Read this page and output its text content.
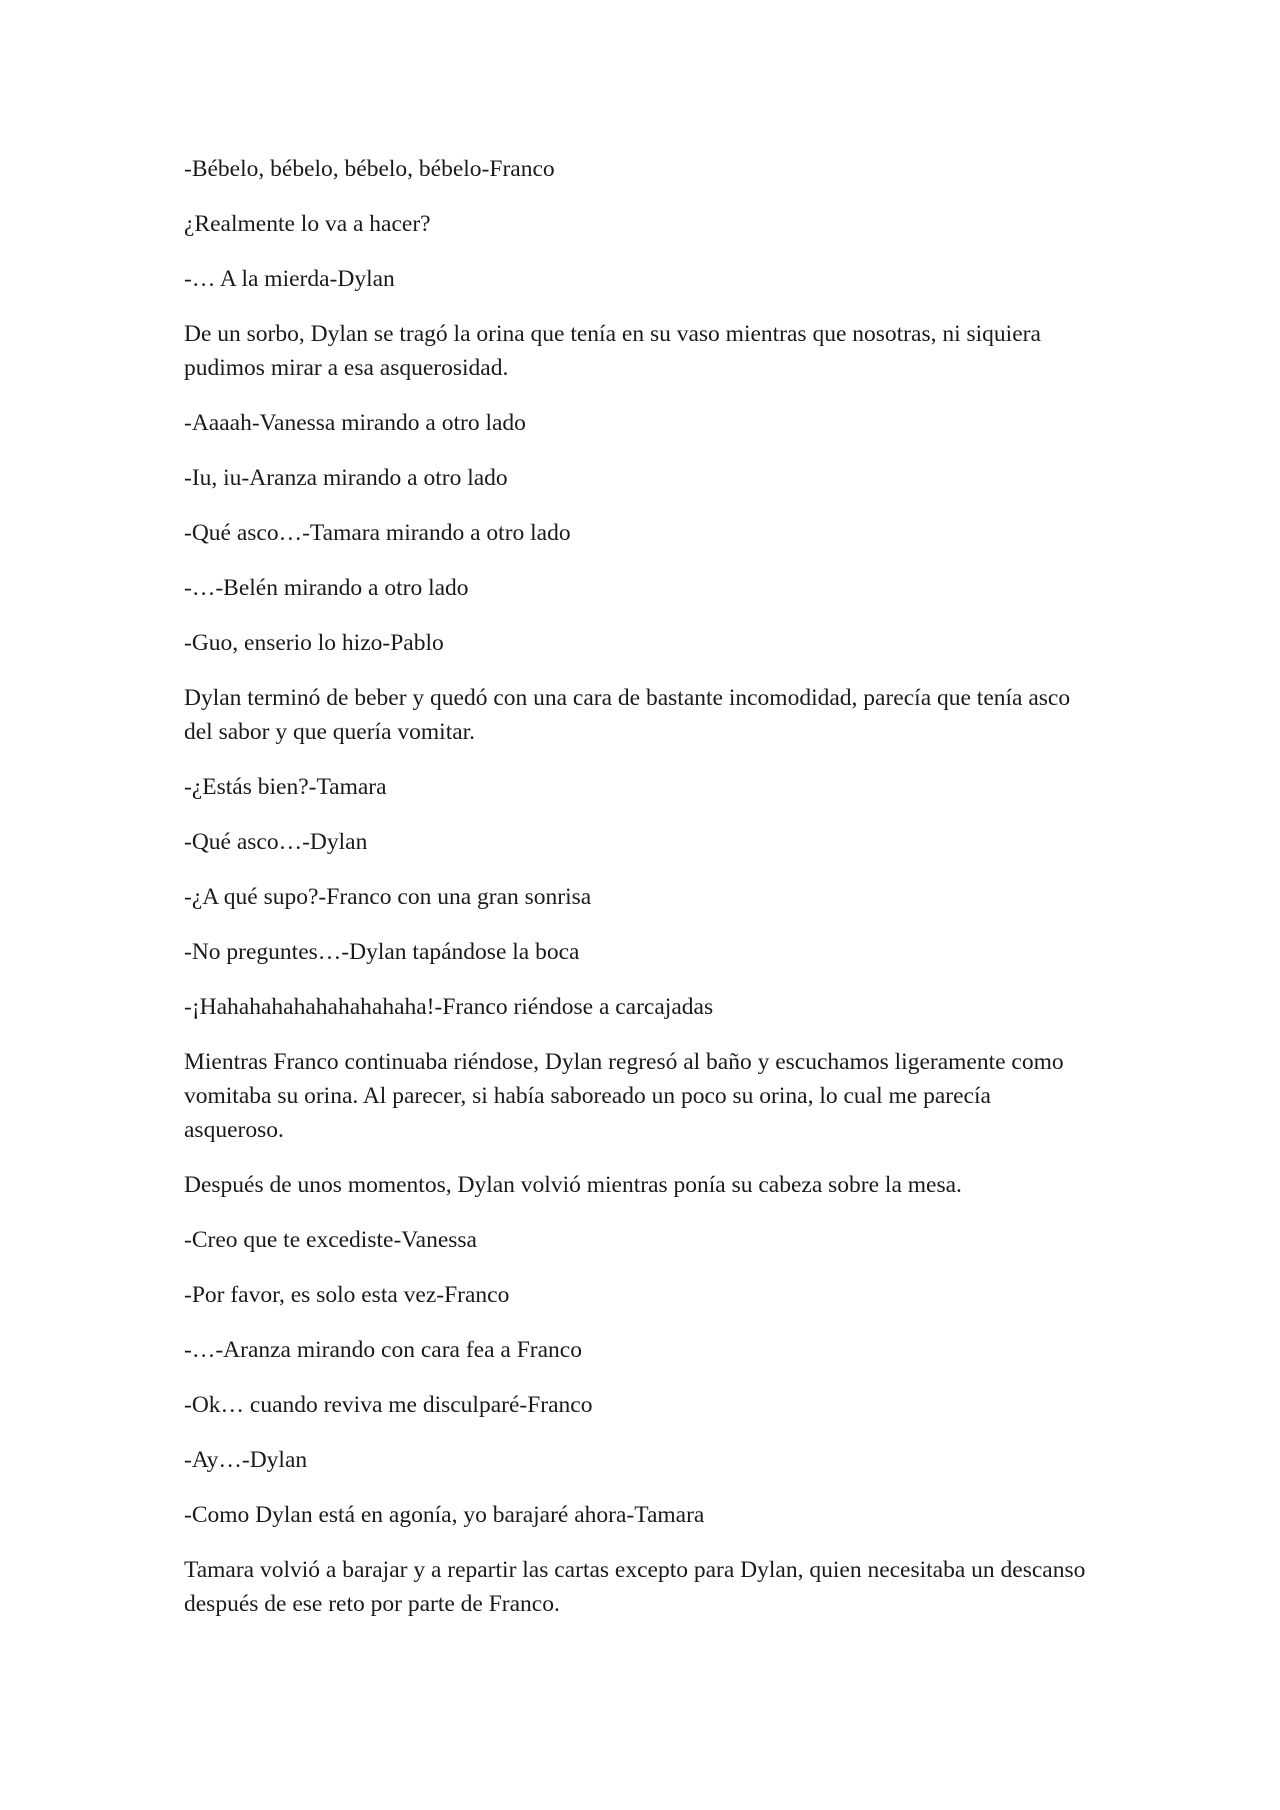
-Bébelo, bébelo, bébelo, bébelo-Franco

¿Realmente lo va a hacer?

-… A la mierda-Dylan

De un sorbo, Dylan se tragó la orina que tenía en su vaso mientras que nosotras, ni siquiera pudimos mirar a esa asquerosidad.

-Aaaah-Vanessa mirando a otro lado

-Iu, iu-Aranza mirando a otro lado

-Qué asco…-Tamara mirando a otro lado

-…-Belén mirando a otro lado

-Guo, enserio lo hizo-Pablo

Dylan terminó de beber y quedó con una cara de bastante incomodidad, parecía que tenía asco del sabor y que quería vomitar.

-¿Estás bien?-Tamara

-Qué asco…-Dylan

-¿A qué supo?-Franco con una gran sonrisa

-No preguntes…-Dylan tapándose la boca

-¡Hahahahahahahahahaha!-Franco riéndose a carcajadas

Mientras Franco continuaba riéndose, Dylan regresó al baño y escuchamos ligeramente como vomitaba su orina. Al parecer, si había saboreado un poco su orina, lo cual me parecía asqueroso.

Después de unos momentos, Dylan volvió mientras ponía su cabeza sobre la mesa.

-Creo que te excediste-Vanessa

-Por favor, es solo esta vez-Franco

-…-Aranza mirando con cara fea a Franco

-Ok… cuando reviva me disculparé-Franco

-Ay…-Dylan

-Como Dylan está en agonía, yo barajaré ahora-Tamara

Tamara volvió a barajar y a repartir las cartas excepto para Dylan, quien necesitaba un descanso después de ese reto por parte de Franco.
